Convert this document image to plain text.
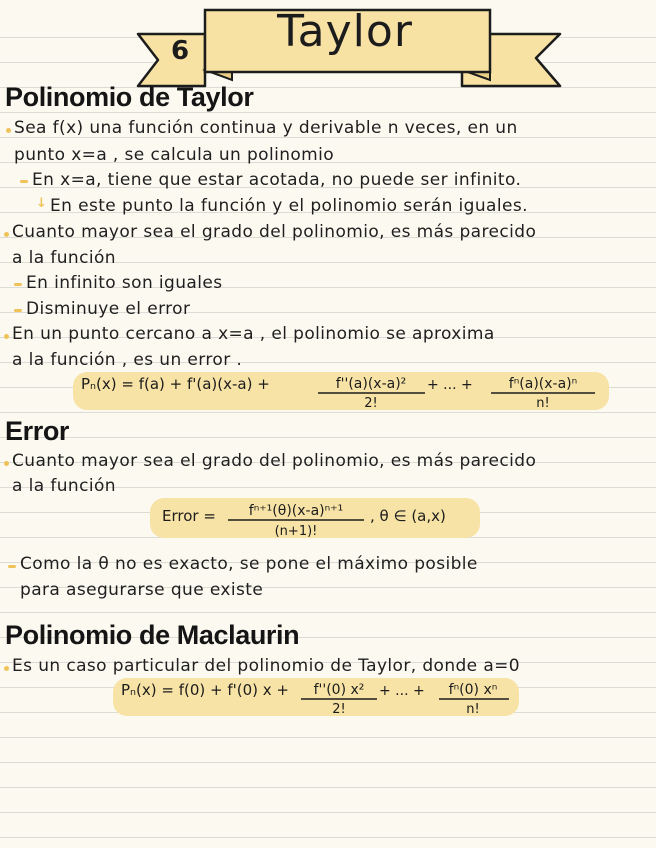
6	Taylor
Polinomio de Taylor

Sea f(x) una función continua y derivable n veces, en un

punto x=a , se calcula un polinomio

En x=a, tiene que estar acotada, no puede ser infinito.

↓ En este punto la función y el polinomio serán iguales.

Cuanto mayor sea el grado del polinomio, es más parecido

a la función

En infinito son iguales

Disminuye el error

En un punto cercano a x=a , el polinomio se aproxima

a la función , es un error .

Pₙ(x) = f(a) + f'(a)(x-a) +	f''(a)(x-a)²
2!
+ ... +	fⁿ(a)(x-a)ⁿ
n!
Error

Cuanto mayor sea el grado del polinomio, es más parecido

a la función

Error = fⁿ⁺¹(θ)(x-a)ⁿ⁺¹
(n+1)!
, θ ∈ (a,x)

Como la θ no es exacto, se pone el máximo posible

para asegurarse que existe

Polinomio de Maclaurin

Es un caso particular del polinomio de Taylor, donde a=0

Pₙ(x) = f(0) + f'(0) x + f''(0) x²
2!
+ ... + fⁿ(0) xⁿ
n!
